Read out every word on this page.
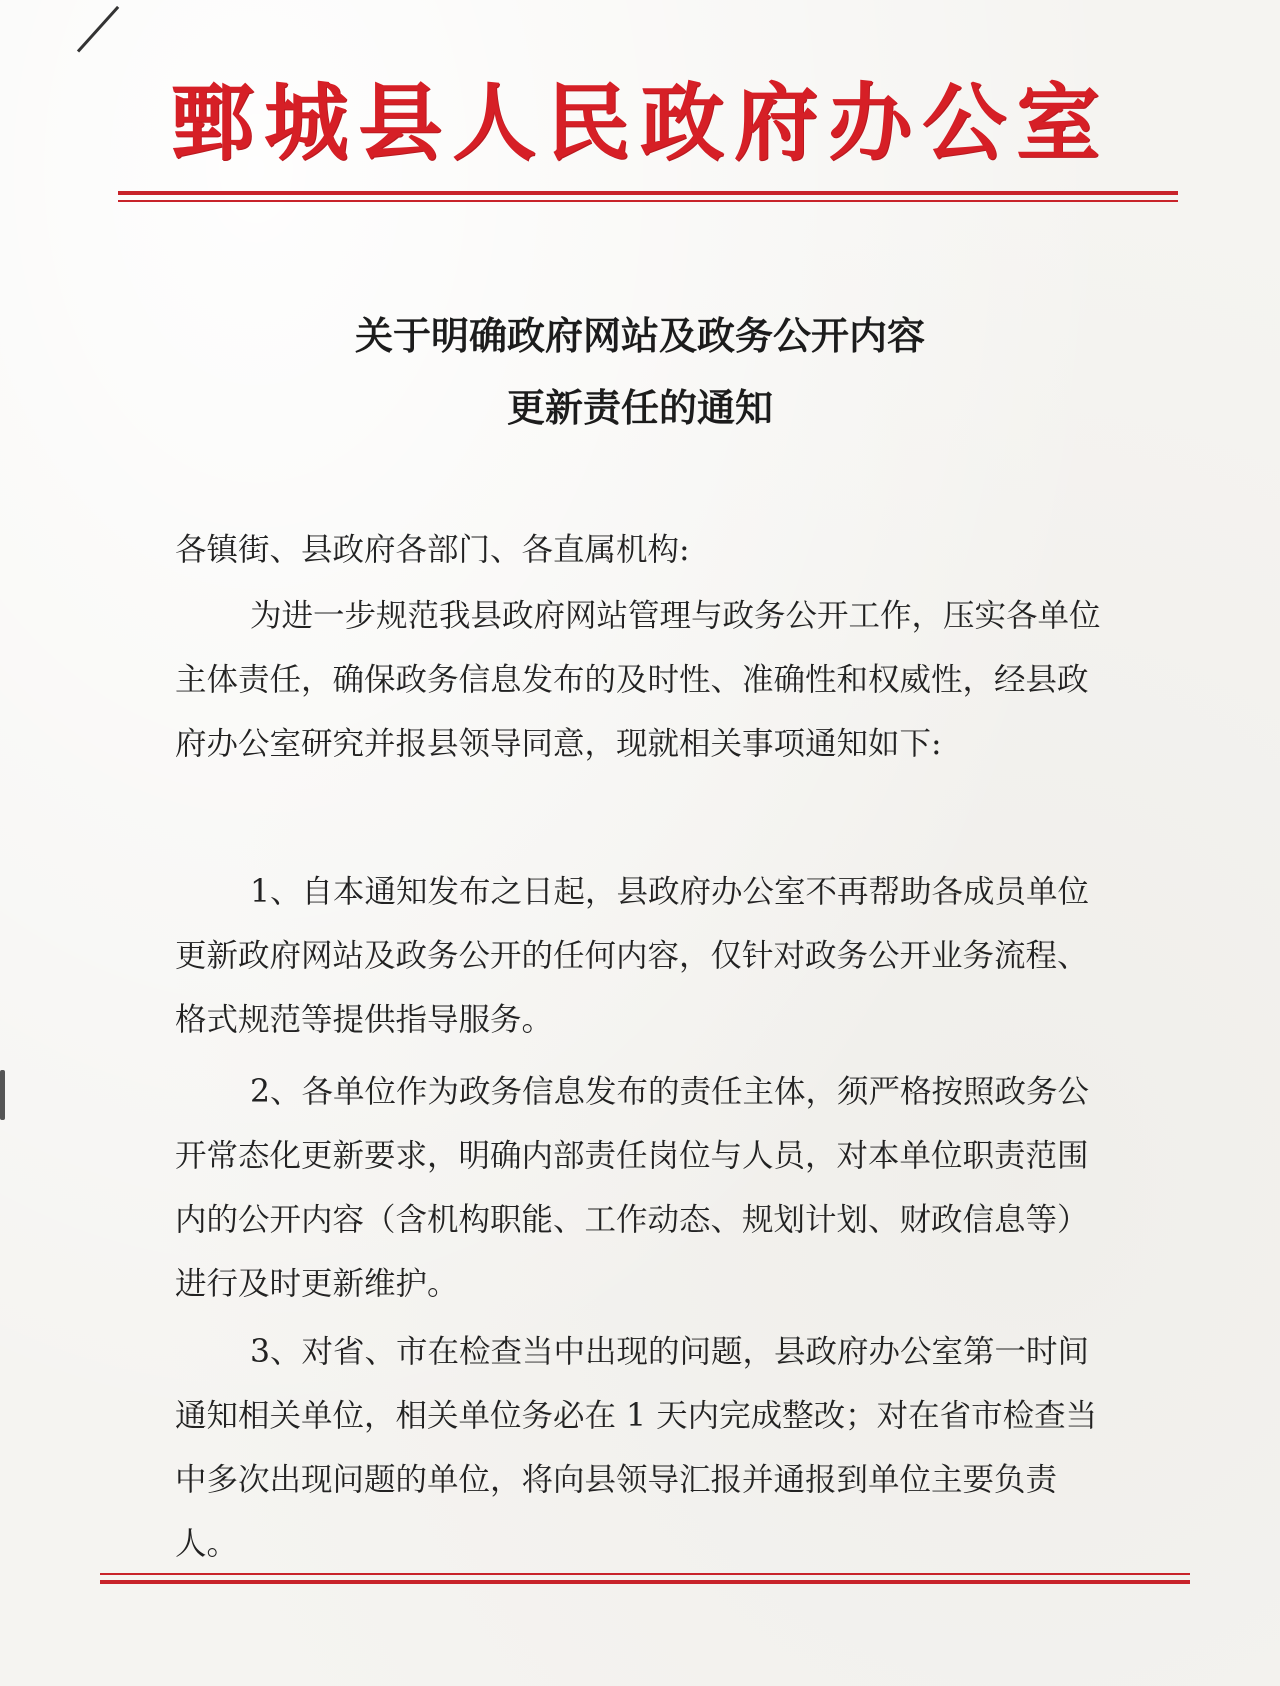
鄄城县人民政府办公室
关于明确政府网站及政务公开内容
更新责任的通知
各镇街、县政府各部门、各直属机构:
为进一步规范我县政府网站管理与政务公开工作，压实各单位主体责任，确保政务信息发布的及时性、准确性和权威性，经县政府办公室研究并报县领导同意，现就相关事项通知如下:
1、自本通知发布之日起，县政府办公室不再帮助各成员单位更新政府网站及政务公开的任何内容，仅针对政务公开业务流程、格式规范等提供指导服务。
2、各单位作为政务信息发布的责任主体，须严格按照政务公开常态化更新要求，明确内部责任岗位与人员，对本单位职责范围内的公开内容（含机构职能、工作动态、规划计划、财政信息等）进行及时更新维护。
3、对省、市在检查当中出现的问题，县政府办公室第一时间通知相关单位，相关单位务必在 1 天内完成整改；对在省市检查当中多次出现问题的单位，将向县领导汇报并通报到单位主要负责人。
